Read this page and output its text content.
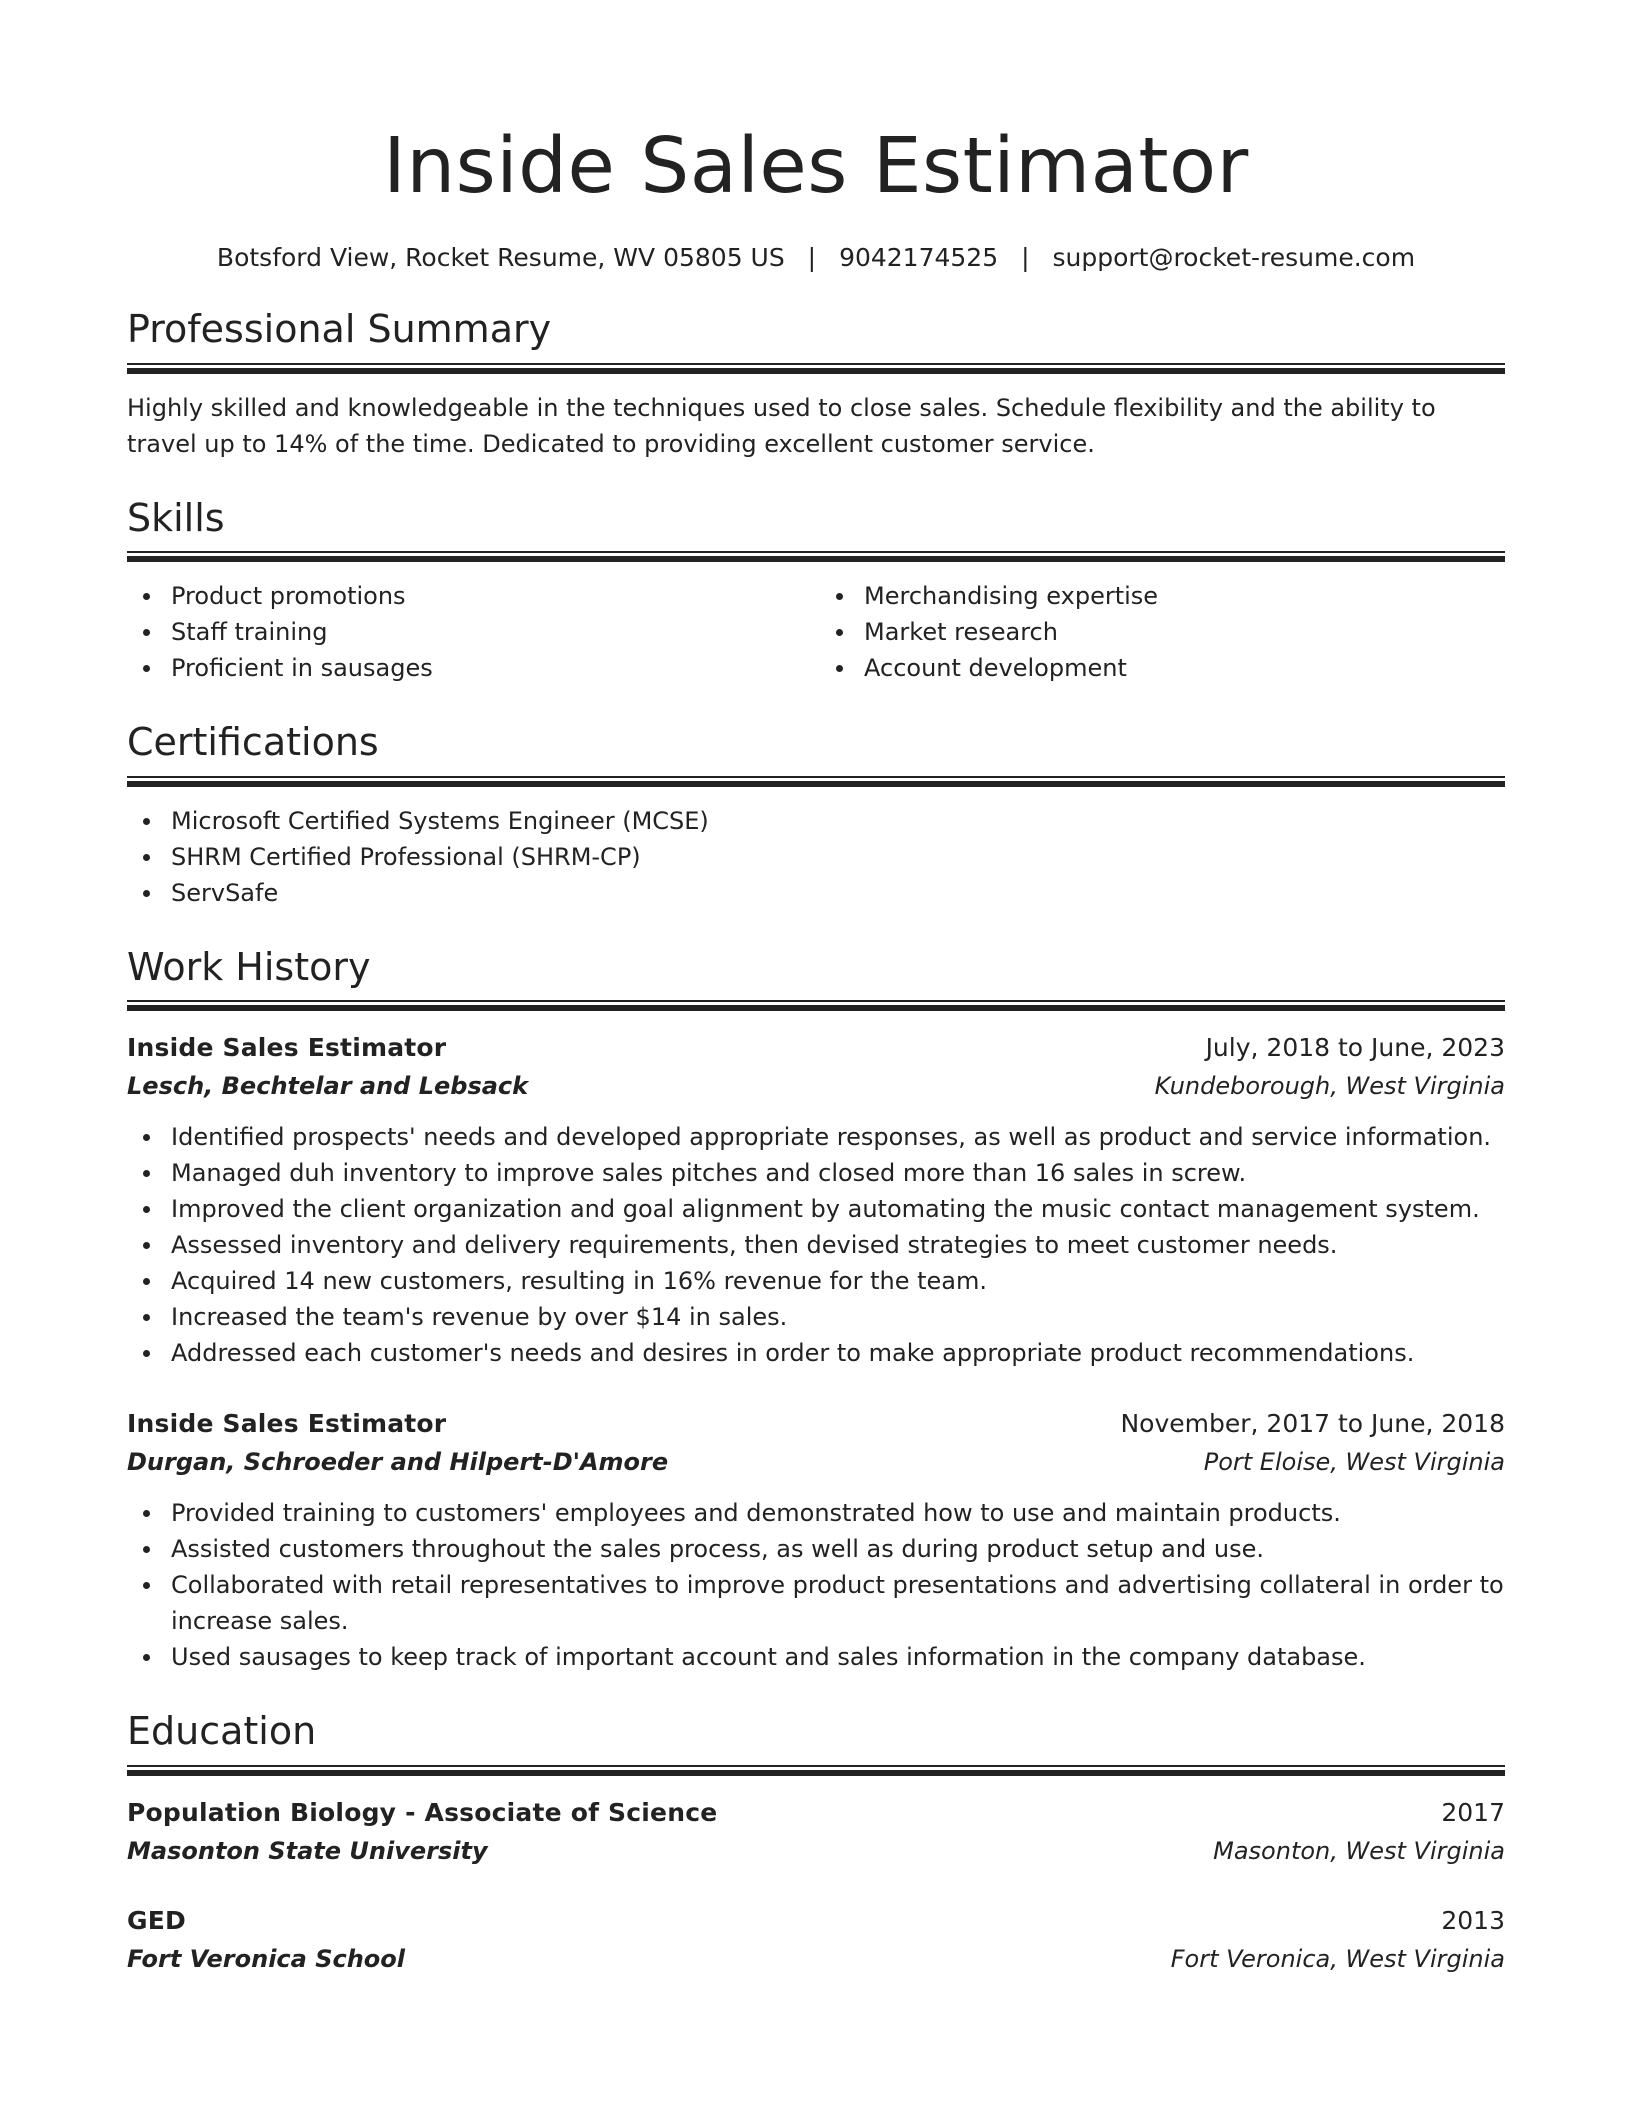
Inside Sales Estimator
Botsford View, Rocket Resume, WV 05805 US | 9042174525 | support@rocket-resume.com
Professional Summary

Highly skilled and knowledgeable in the techniques used to close sales. Schedule flexibility and the ability to travel up to 14% of the time. Dedicated to providing excellent customer service.

Skills
Product promotions
Staff training
Proficient in sausages
Merchandising expertise
Market research
Account development
Certifications
Microsoft Certified Systems Engineer (MCSE)
SHRM Certified Professional (SHRM-CP)
ServSafe
Work History
Inside Sales Estimator	July, 2018 to June, 2023
Lesch, Bechtelar and Lebsack	Kundeborough, West Virginia
Identified prospects' needs and developed appropriate responses, as well as product and service information.
Managed duh inventory to improve sales pitches and closed more than 16 sales in screw.
Improved the client organization and goal alignment by automating the music contact management system.
Assessed inventory and delivery requirements, then devised strategies to meet customer needs.
Acquired 14 new customers, resulting in 16% revenue for the team.
Increased the team's revenue by over $14 in sales.
Addressed each customer's needs and desires in order to make appropriate product recommendations.
Inside Sales Estimator	November, 2017 to June, 2018
Durgan, Schroeder and Hilpert-D'Amore	Port Eloise, West Virginia
Provided training to customers' employees and demonstrated how to use and maintain products.
Assisted customers throughout the sales process, as well as during product setup and use.
Collaborated with retail representatives to improve product presentations and advertising collateral in order to increase sales.
Used sausages to keep track of important account and sales information in the company database.
Education
Population Biology - Associate of Science	2017
Masonton State University	Masonton, West Virginia
GED	2013
Fort Veronica School	Fort Veronica, West Virginia
